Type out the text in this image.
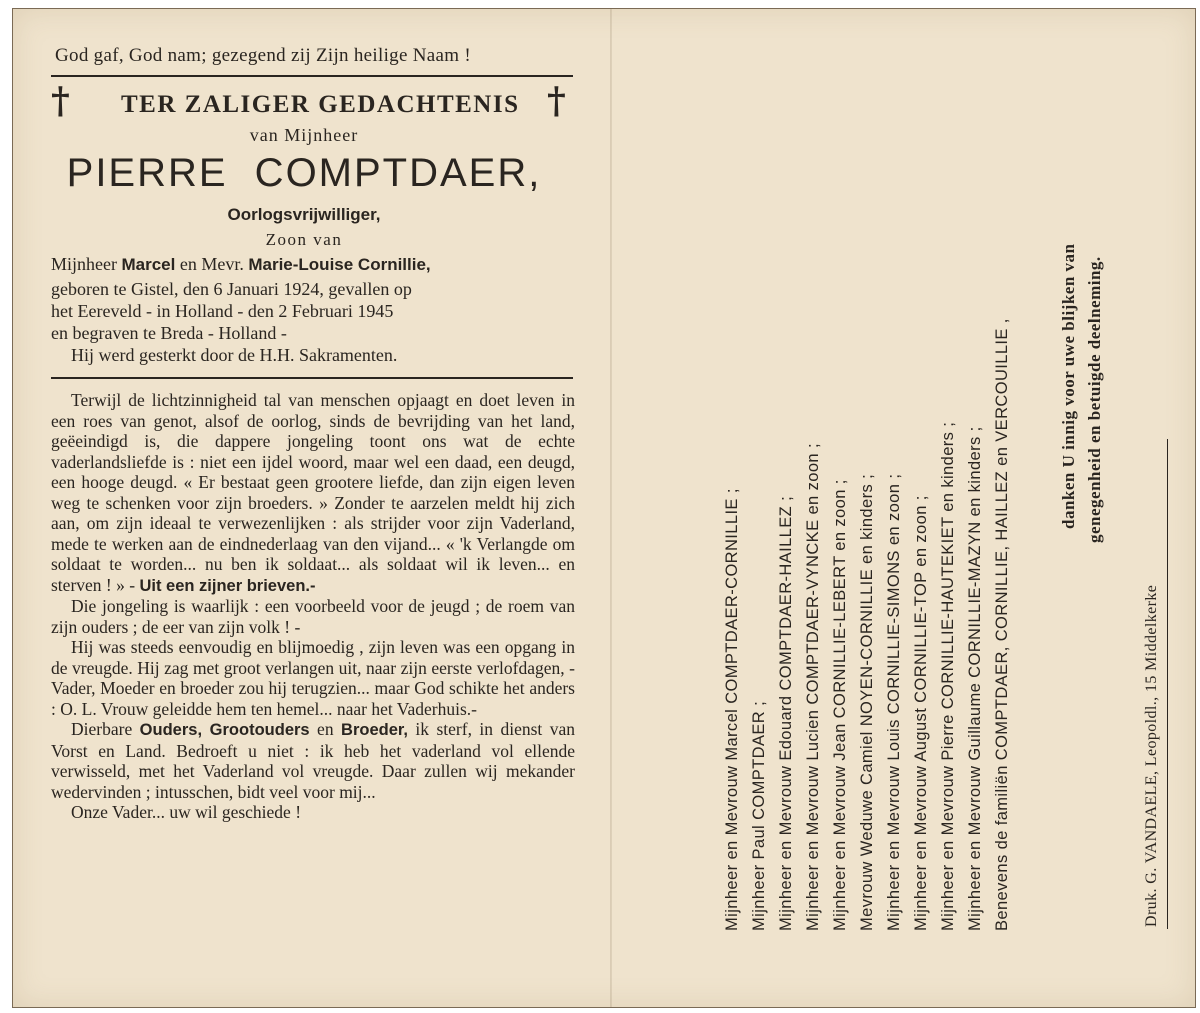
God gaf, God nam; gezegend zij Zijn heilige Naam !
† TER ZALIGER GEDACHTENIS †
van Mijnheer
PIERRE COMPTDAER,
Oorlogsvrijwilliger,
Zoon van
Mijnheer Marcel en Mevr. Marie-Louise Cornillie,
geboren te Gistel, den 6 Januari 1924, gevallen op
het Eereveld - in Holland - den 2 Februari 1945
en begraven te Breda - Holland -
Hij werd gesterkt door de H.H. Sakramenten.

Terwijl de lichtzinnigheid tal van menschen opjaagt en doet leven in een roes van genot, alsof de oorlog, sinds de bevrijding van het land, geëeindigd is, die dappere jongeling toont ons wat de echte vaderlandsliefde is : niet een ijdel woord, maar wel een daad, een deugd, een hooge deugd. « Er bestaat geen grootere liefde, dan zijn eigen leven weg te schenken voor zijn broeders. » Zonder te aarzelen meldt hij zich aan, om zijn ideaal te verwezenlijken : als strijder voor zijn Vaderland, mede te werken aan de eindnederlaag van den vijand... « 'k Verlangde om soldaat te worden... nu ben ik soldaat... als soldaat wil ik leven... en sterven ! » - Uit een zijner brieven.-

Die jongeling is waarlijk : een voorbeeld voor de jeugd ; de roem van zijn ouders ; de eer van zijn volk ! -

Hij was steeds eenvoudig en blijmoedig , zijn leven was een opgang in de vreugde. Hij zag met groot verlangen uit, naar zijn eerste verlofdagen, - Vader, Moeder en broeder zou hij terugzien... maar God schikte het anders : O. L. Vrouw geleidde hem ten hemel... naar het Vaderhuis.-

Dierbare Ouders, Grootouders en Broeder, ik sterf, in dienst van Vorst en Land. Bedroeft u niet : ik heb het vaderland vol ellende verwisseld, met het Vaderland vol vreugde. Daar zullen wij mekander wedervinden ; intusschen, bidt veel voor mij...

Onze Vader... uw wil geschiede !	Mijnheer en Mevrouw Marcel COMPTDAER-CORNILLIE ; Mijnheer Paul COMPTDAER ; Mijnheer en Mevrouw Edouard COMPTDAER-HAILLEZ ; Mijnheer en Mevrouw Lucien COMPTDAER-VYNCKE en zoon ; Mijnheer en Mevrouw Jean CORNILLIE-LEBERT en zoon ; Mevrouw Weduwe Camiel NOYEN-CORNILLIE en kinders ; Mijnheer en Mevrouw Louis CORNILLIE-SIMONS en zoon ; Mijnheer en Mevrouw August CORNILLIE-TOP en zoon ; Mijnheer en Mevrouw Pierre CORNILLIE-HAUTEKIET en kinders ; Mijnheer en Mevrouw Guillaume CORNILLIE-MAZYN en kinders ; Benevens de familiën COMPTDAER, CORNILLIE, HAILLEZ en VERCOUILLIE ,	danken U innig voor uwe blijken van genegenheid en betuigde deelneming.
Druk. G. VANDAELE, Leopoldl., 15 Middelkerke
